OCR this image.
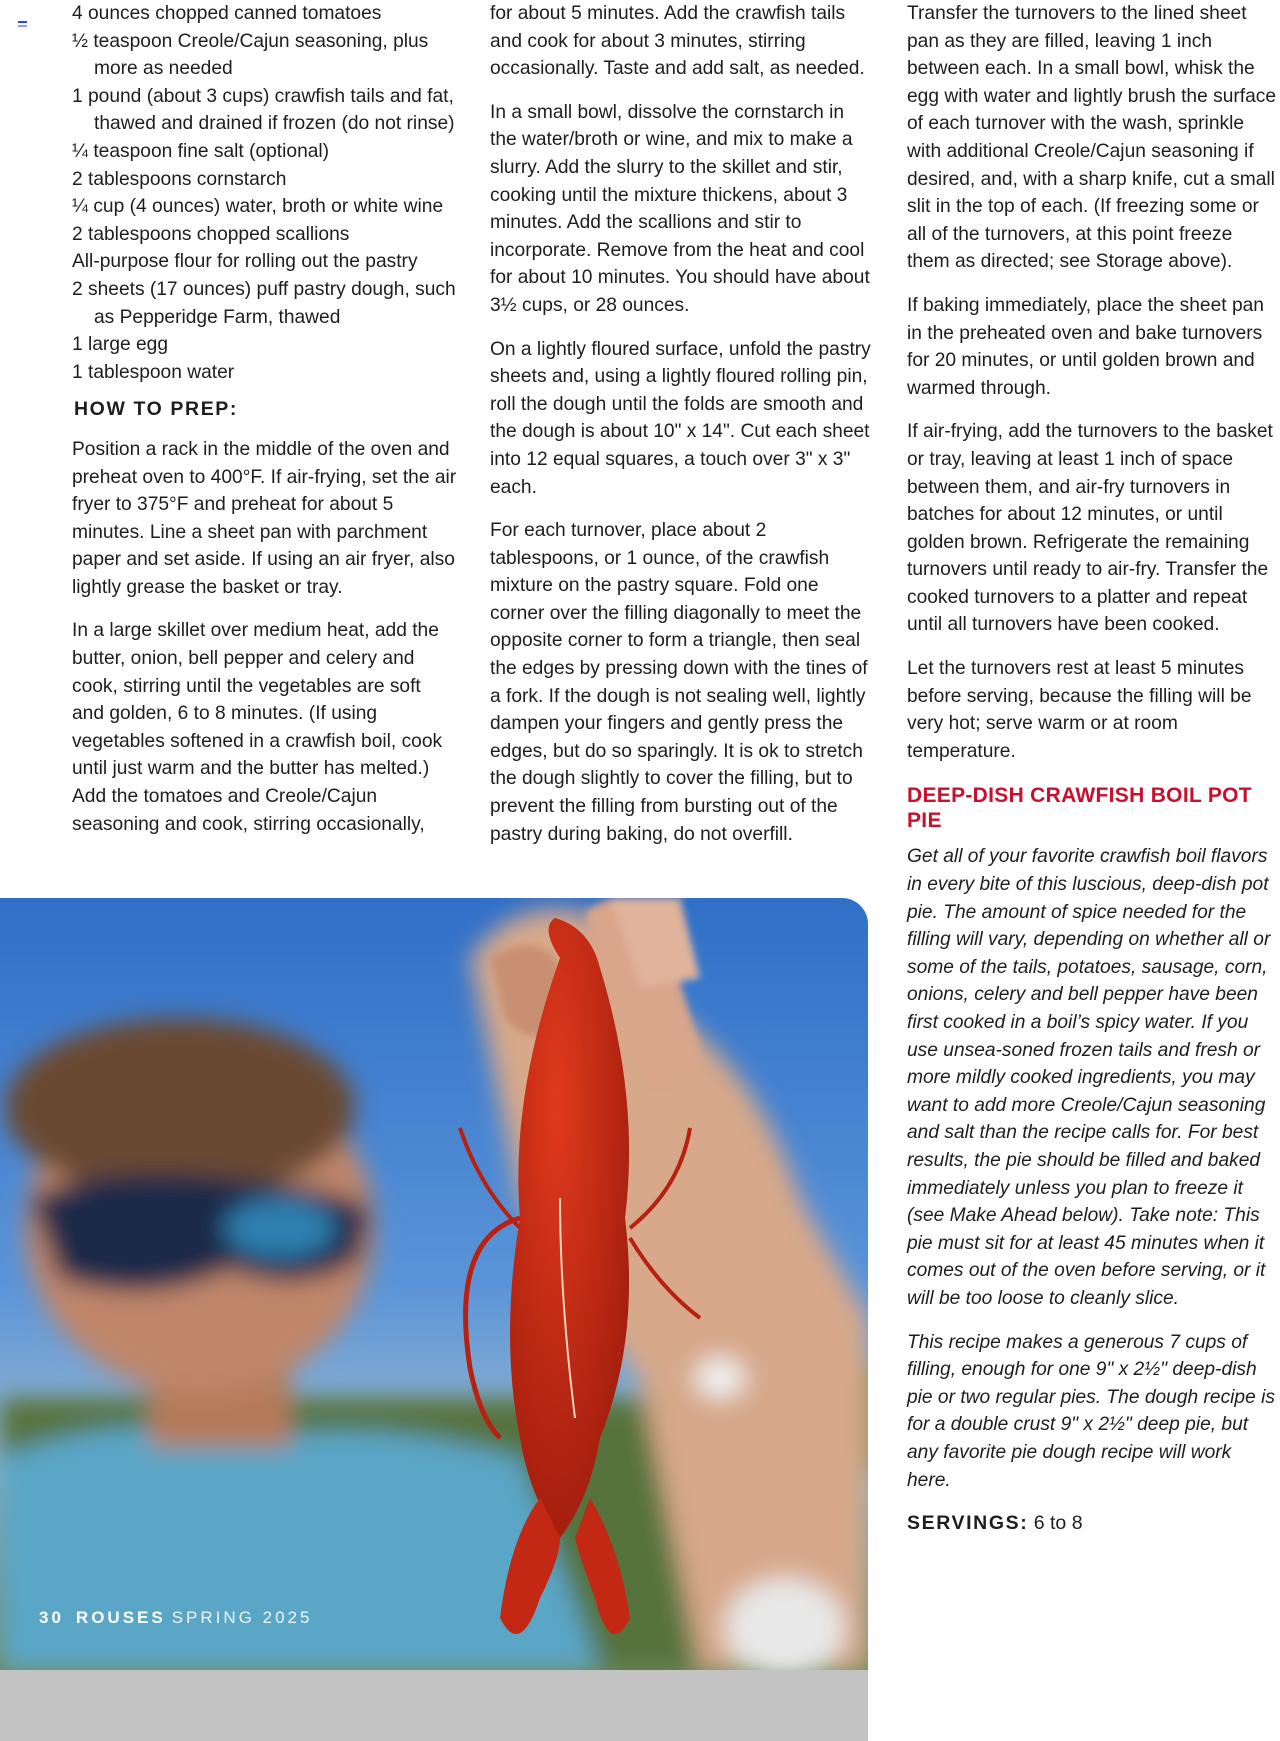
4 ounces chopped canned tomatoes
½ teaspoon Creole/Cajun seasoning, plus more as needed
1 pound (about 3 cups) crawfish tails and fat, thawed and drained if frozen (do not rinse)
¼ teaspoon fine salt (optional)
2 tablespoons cornstarch
¼ cup (4 ounces) water, broth or white wine
2 tablespoons chopped scallions
All-purpose flour for rolling out the pastry
2 sheets (17 ounces) puff pastry dough, such as Pepperidge Farm, thawed
1 large egg
1 tablespoon water
HOW TO PREP:

Position a rack in the middle of the oven and preheat oven to 400°F. If air-frying, set the air fryer to 375°F and preheat for about 5 minutes. Line a sheet pan with parchment paper and set aside. If using an air fryer, also lightly grease the basket or tray.

In a large skillet over medium heat, add the butter, onion, bell pepper and celery and cook, stirring until the vegetables are soft and golden, 6 to 8 minutes. (If using vegetables softened in a crawfish boil, cook until just warm and the butter has melted.) Add the tomatoes and Creole/Cajun seasoning and cook, stirring occasionally,

for about 5 minutes. Add the crawfish tails and cook for about 3 minutes, stirring occasionally. Taste and add salt, as needed.

In a small bowl, dissolve the cornstarch in the water/broth or wine, and mix to make a slurry. Add the slurry to the skillet and stir, cooking until the mixture thickens, about 3 minutes. Add the scallions and stir to incorporate. Remove from the heat and cool for about 10 minutes. You should have about 3½ cups, or 28 ounces.

On a lightly floured surface, unfold the pastry sheets and, using a lightly floured rolling pin, roll the dough until the folds are smooth and the dough is about 10" x 14". Cut each sheet into 12 equal squares, a touch over 3" x 3" each.

For each turnover, place about 2 tablespoons, or 1 ounce, of the crawfish mixture on the pastry square. Fold one corner over the filling diagonally to meet the opposite corner to form a triangle, then seal the edges by pressing down with the tines of a fork. If the dough is not sealing well, lightly dampen your fingers and gently press the edges, but do so sparingly. It is ok to stretch the dough slightly to cover the filling, but to prevent the filling from bursting out of the pastry during baking, do not overfill.

Transfer the turnovers to the lined sheet pan as they are filled, leaving 1 inch between each. In a small bowl, whisk the egg with water and lightly brush the surface of each turnover with the wash, sprinkle with additional Creole/Cajun seasoning if desired, and, with a sharp knife, cut a small slit in the top of each. (If freezing some or all of the turnovers, at this point freeze them as directed; see Storage above).

If baking immediately, place the sheet pan in the preheated oven and bake turnovers for 20 minutes, or until golden brown and warmed through.

If air-frying, add the turnovers to the basket or tray, leaving at least 1 inch of space between them, and air-fry turnovers in batches for about 12 minutes, or until golden brown. Refrigerate the remaining turnovers until ready to air-fry. Transfer the cooked turnovers to a platter and repeat until all turnovers have been cooked.

Let the turnovers rest at least 5 minutes before serving, because the filling will be very hot; serve warm or at room temperature.

DEEP-DISH CRAWFISH BOIL POT PIE

Get all of your favorite crawfish boil flavors in every bite of this luscious, deep-dish pot pie. The amount of spice needed for the filling will vary, depending on whether all or some of the tails, potatoes, sausage, corn, onions, celery and bell pepper have been first cooked in a boil’s spicy water. If you use unsea-soned frozen tails and fresh or more mildly cooked ingredients, you may want to add more Creole/Cajun seasoning and salt than the recipe calls for. For best results, the pie should be filled and baked immediately unless you plan to freeze it (see Make Ahead below). Take note: This pie must sit for at least 45 minutes when it comes out of the oven before serving, or it will be too loose to cleanly slice.

This recipe makes a generous 7 cups of filling, enough for one 9" x 2½" deep-dish pie or two regular pies. The dough recipe is for a double crust 9" x 2½" deep pie, but any favorite pie dough recipe will work here.

SERVINGS: 6 to 8
30 ROUSES SPRING 2025
